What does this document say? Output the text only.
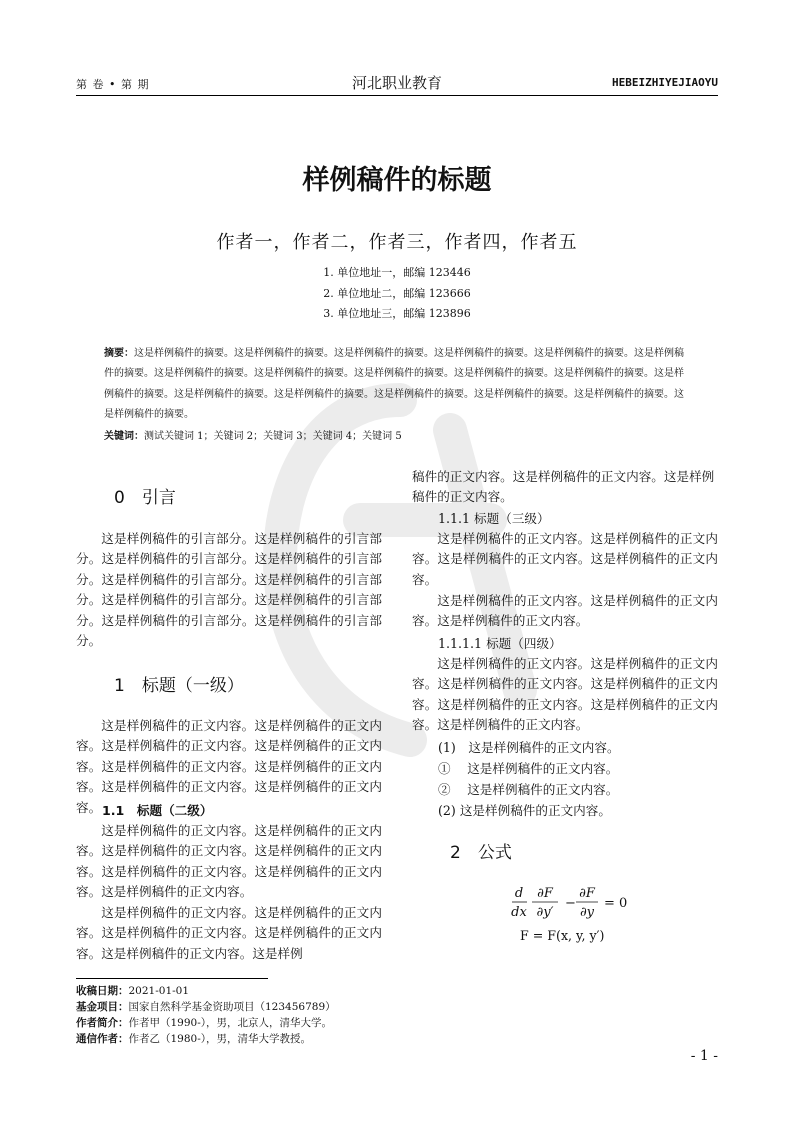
第 卷 • 第 期	河北职业教育	HEBEIZHIYEJIAOYU
样例稿件的标题
作者一，作者二，作者三，作者四，作者五
1. 单位地址一，邮编 123446
2. 单位地址二，邮编 123666
3. 单位地址三，邮编 123896
摘要：这是样例稿件的摘要。这是样例稿件的摘要。这是样例稿件的摘要。这是样例稿件的摘要。这是样例稿件的摘要。这是样例稿件的摘要。这是样例稿件的摘要。这是样例稿件的摘要。这是样例稿件的摘要。这是样例稿件的摘要。这是样例稿件的摘要。这是样例稿件的摘要。这是样例稿件的摘要。这是样例稿件的摘要。这是样例稿件的摘要。这是样例稿件的摘要。这是样例稿件的摘要。这是样例稿件的摘要。
关键词：测试关键词 1；关键词 2；关键词 3；关键词 4；关键词 5
0　引言

这是样例稿件的引言部分。这是样例稿件的引言部分。这是样例稿件的引言部分。这是样例稿件的引言部分。这是样例稿件的引言部分。这是样例稿件的引言部分。这是样例稿件的引言部分。这是样例稿件的引言部分。这是样例稿件的引言部分。这是样例稿件的引言部分。

1　标题（一级）

这是样例稿件的正文内容。这是样例稿件的正文内容。这是样例稿件的正文内容。这是样例稿件的正文内容。这是样例稿件的正文内容。这是样例稿件的正文内容。这是样例稿件的正文内容。这是样例稿件的正文内容。 1.1　标题（二级）

这是样例稿件的正文内容。这是样例稿件的正文内容。这是样例稿件的正文内容。这是样例稿件的正文内容。这是样例稿件的正文内容。这是样例稿件的正文内容。这是样例稿件的正文内容。

这是样例稿件的正文内容。这是样例稿件的正文内容。这是样例稿件的正文内容。这是样例稿件的正文内容。这是样例稿件的正文内容。这是样例

稿件的正文内容。这是样例稿件的正文内容。这是样例稿件的正文内容。

1.1.1 标题（三级）

这是样例稿件的正文内容。这是样例稿件的正文内容。这是样例稿件的正文内容。这是样例稿件的正文内容。

这是样例稿件的正文内容。这是样例稿件的正文内容。这是样例稿件的正文内容。

1.1.1.1 标题（四级）

这是样例稿件的正文内容。这是样例稿件的正文内容。这是样例稿件的正文内容。这是样例稿件的正文内容。这是样例稿件的正文内容。这是样例稿件的正文内容。这是样例稿件的正文内容。

(1)　这是样例稿件的正文内容。
①　 这是样例稿件的正文内容。
②　 这是样例稿件的正文内容。
(2) 这是样例稿件的正文内容。
2　公式
d
dx
∂F
∂y′
−
∂F
∂y
= 0
F = F(x, y, y′)
收稿日期：2021-01-01
基金项目：国家自然科学基金资助项目（123456789）
作者简介：作者甲（1990-），男，北京人，清华大学。
通信作者：作者乙（1980-），男，清华大学教授。
- 1 -
